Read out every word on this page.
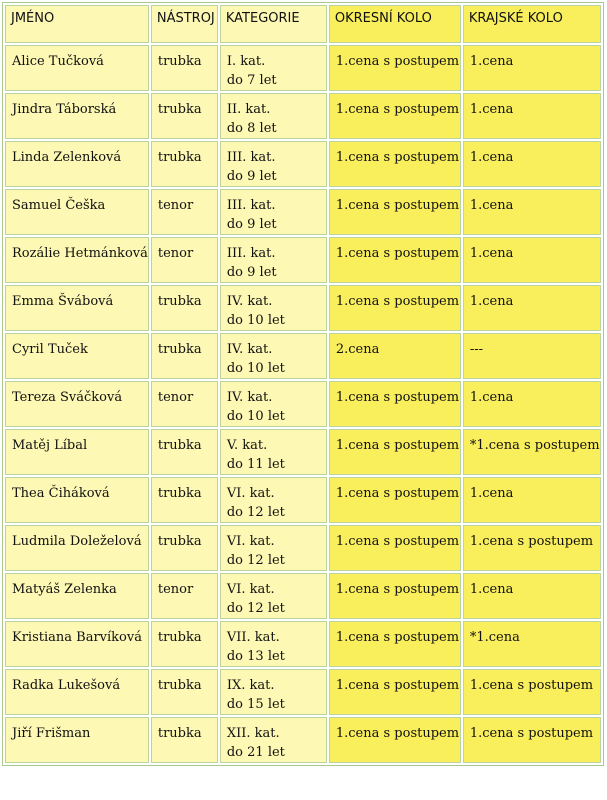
JMÉNO	NÁSTROJ	KATEGORIE	OKRESNÍ KOLO	KRAJSKÉ KOLO
Alice Tučková	trubka	I. kat.
do 7 let	1.cena s postupem	1.cena
Jindra Táborská	trubka	II. kat.
do 8 let	1.cena s postupem	1.cena
Linda Zelenková	trubka	III. kat.
do 9 let	1.cena s postupem	1.cena
Samuel Češka	tenor	III. kat.
do 9 let	1.cena s postupem	1.cena
Rozálie Hetmánková	tenor	III. kat.
do 9 let	1.cena s postupem	1.cena
Emma Švábová	trubka	IV. kat.
do 10 let	1.cena s postupem	1.cena
Cyril Tuček	trubka	IV. kat.
do 10 let	2.cena	---
Tereza Sváčková	tenor	IV. kat.
do 10 let	1.cena s postupem	1.cena
Matěj Líbal	trubka	V. kat.
do 11 let	1.cena s postupem	*1.cena s postupem
Thea Čiháková	trubka	VI. kat.
do 12 let	1.cena s postupem	1.cena
Ludmila Doleželová	trubka	VI. kat.
do 12 let	1.cena s postupem	1.cena s postupem
Matyáš Zelenka	tenor	VI. kat.
do 12 let	1.cena s postupem	1.cena
Kristiana Barvíková	trubka	VII. kat.
do 13 let	1.cena s postupem	*1.cena
Radka Lukešová	trubka	IX. kat.
do 15 let	1.cena s postupem	1.cena s postupem
Jiří Frišman	trubka	XII. kat.
do 21 let	1.cena s postupem	1.cena s postupem
